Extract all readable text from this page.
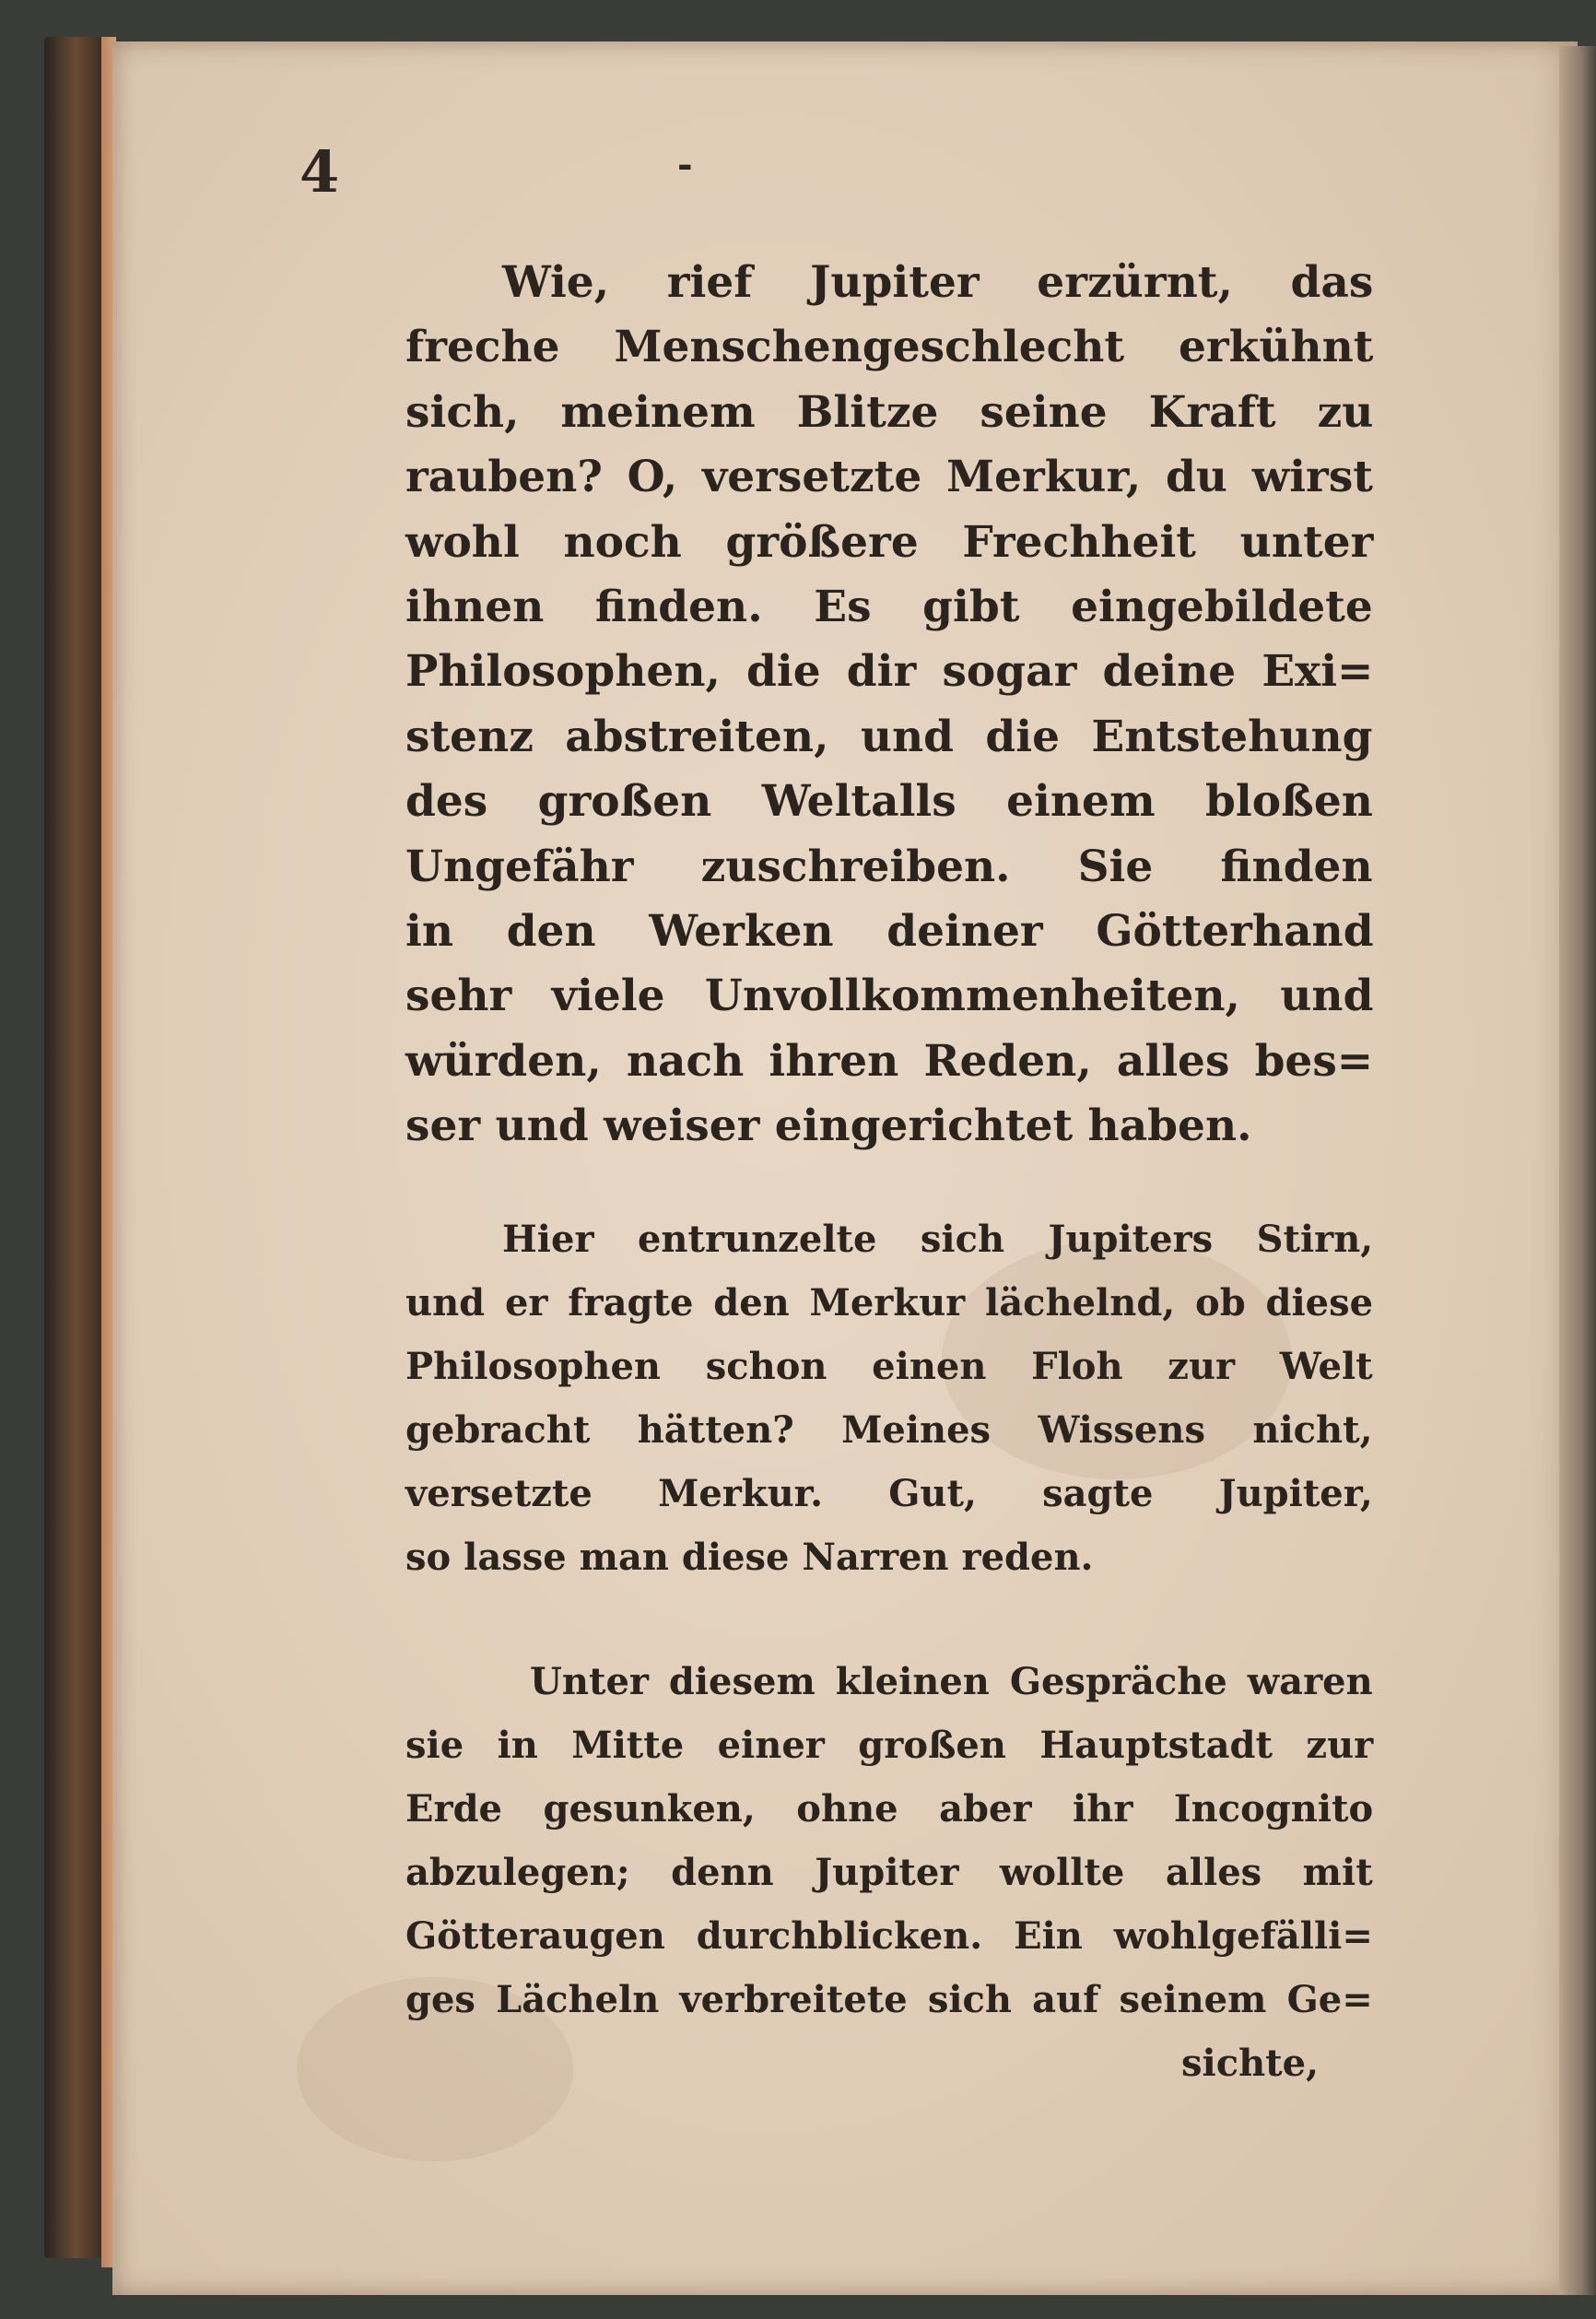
4	-
Wie, rief Jupiter erzürnt, das
freche Menschengeschlecht erkühnt
sich, meinem Blitze seine Kraft zu
rauben? O, versetzte Merkur, du wirst
wohl noch größere Frechheit unter
ihnen finden. Es gibt eingebildete
Philosophen, die dir sogar deine Exi=
stenz abstreiten, und die Entstehung
des großen Weltalls einem bloßen
Ungefähr zuschreiben. Sie finden
in den Werken deiner Götterhand
sehr viele Unvollkommenheiten, und
würden, nach ihren Reden, alles bes=
ser und weiser eingerichtet haben.
Hier entrunzelte sich Jupiters Stirn,
und er fragte den Merkur lächelnd, ob diese
Philosophen schon einen Floh zur Welt
gebracht hätten? Meines Wissens nicht,
versetzte Merkur. Gut, sagte Jupiter,
so lasse man diese Narren reden.
Unter diesem kleinen Gespräche waren
sie in Mitte einer großen Hauptstadt zur
Erde gesunken, ohne aber ihr Incognito
abzulegen; denn Jupiter wollte alles mit
Götteraugen durchblicken. Ein wohlgefälli=
ges Lächeln verbreitete sich auf seinem Ge=
sichte,
